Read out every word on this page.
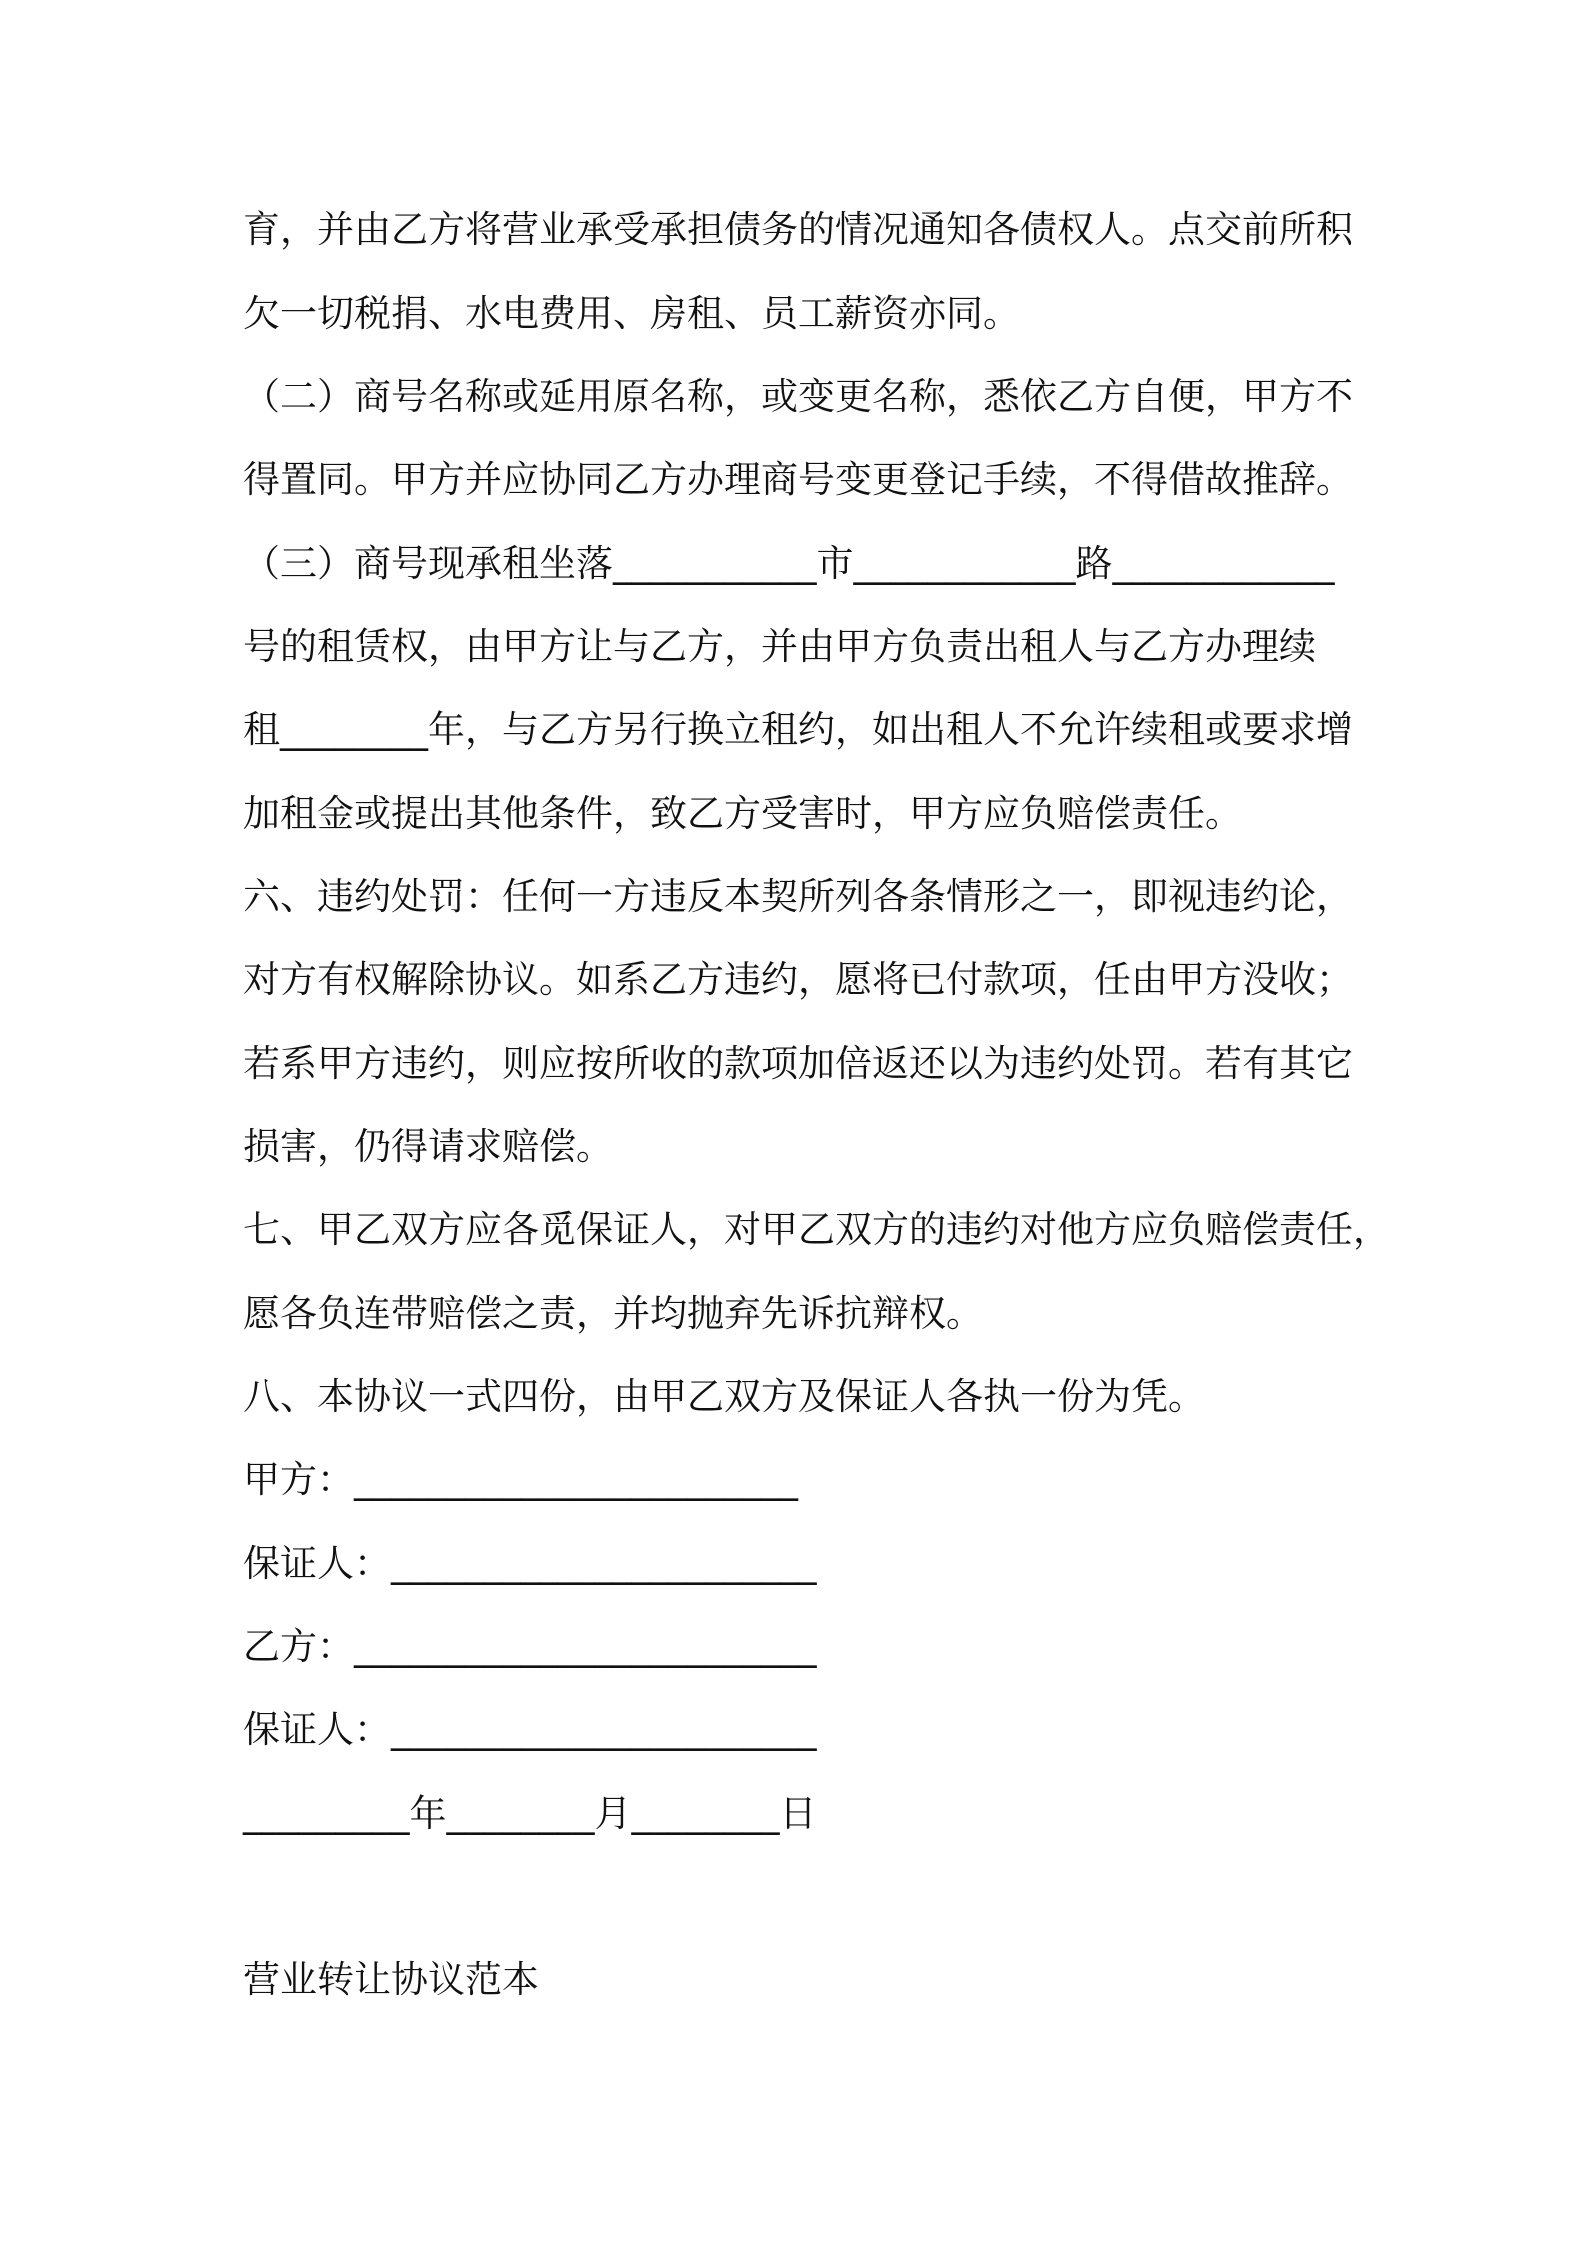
育，并由乙方将营业承受承担债务的情况通知各债权人。点交前所积
欠一切税捐、水电费用、房租、员工薪资亦同。
（二）商号名称或延用原名称，或变更名称，悉依乙方自便，甲方不
得置同。甲方并应协同乙方办理商号变更登记手续，不得借故推辞。
（三）商号现承租坐落___________市____________路____________
号的租赁权，由甲方让与乙方，并由甲方负责出租人与乙方办理续
租________年，与乙方另行换立租约，如出租人不允许续租或要求增
加租金或提出其他条件，致乙方受害时，甲方应负赔偿责任。
六、违约处罚：任何一方违反本契所列各条情形之一，即视违约论，
对方有权解除协议。如系乙方违约，愿将已付款项，任由甲方没收；
若系甲方违约，则应按所收的款项加倍返还以为违约处罚。若有其它
损害，仍得请求赔偿。
七、甲乙双方应各觅保证人，对甲乙双方的违约对他方应负赔偿责任，
愿各负连带赔偿之责，并均抛弃先诉抗辩权。
八、本协议一式四份，由甲乙双方及保证人各执一份为凭。
甲方：________________________
保证人：_______________________
乙方：_________________________
保证人：_______________________
_________年________月________日
营业转让协议范本
